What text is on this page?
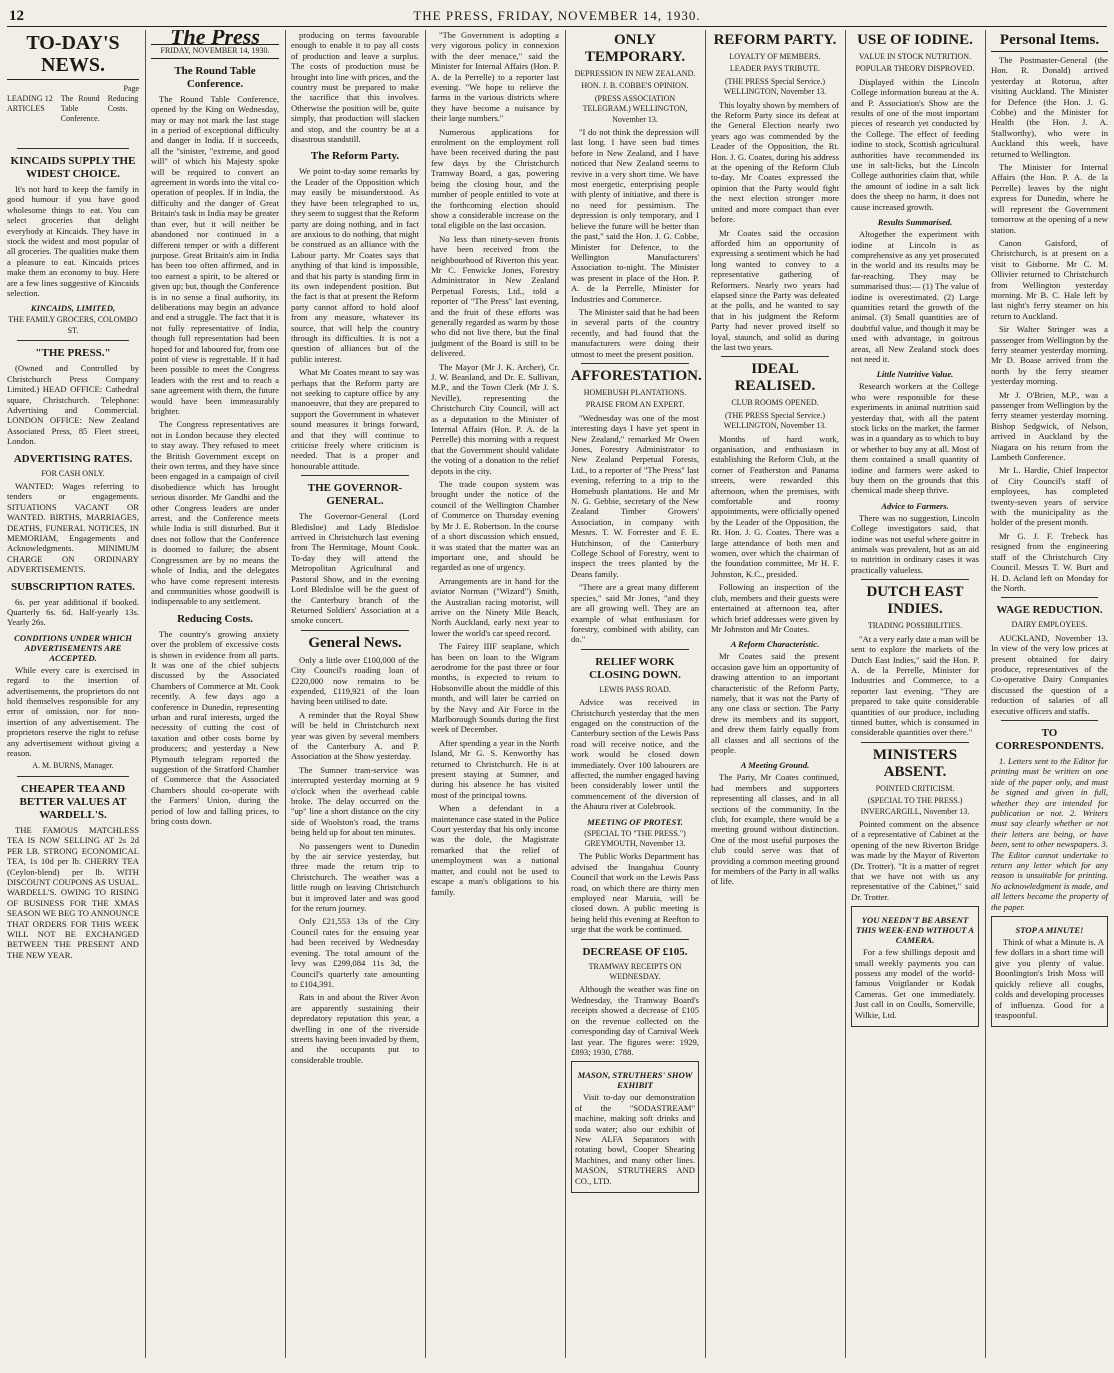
12	THE PRESS, FRIDAY, NOVEMBER 14, 1930.
TO-DAY'S NEWS.
Page
LEADING ARTICLES
12 The Round Table Conference.
Reducing Costs.
KINCAIDS SUPPLY THE WIDEST CHOICE.

It's not hard to keep the family in good humour if you have good wholesome things to eat. You can select groceries that delight everybody at Kincaids. They have in stock the widest and most popular of all groceries. The qualities make them a pleasure to eat. Kincaids prices make them an economy to buy. Here are a few lines suggestive of Kincaids selection.

KINCAIDS, LIMITED,
THE FAMILY GROCERS, COLOMBO ST.
"THE PRESS."

(Owned and Controlled by Christchurch Press Company Limited.) HEAD OFFICE: Cathedral square, Christchurch. Telephone: Advertising and Commercial. LONDON OFFICE: New Zealand Associated Press, 85 Fleet street, London.

ADVERTISING RATES.
FOR CASH ONLY.

WANTED: Wages referring to tenders or engagements. SITUATIONS VACANT OR WANTED. BIRTHS, MARRIAGES, DEATHS, FUNERAL NOTICES, IN MEMORIAM, Engagements and Acknowledgments. MINIMUM CHARGE ON ORDINARY ADVERTISEMENTS.

SUBSCRIPTION RATES.

6s. per year additional if booked. Quarterly 6s. 6d. Half-yearly 13s. Yearly 26s.

CONDITIONS UNDER WHICH ADVERTISEMENTS ARE ACCEPTED.

While every care is exercised in regard to the insertion of advertisements, the proprietors do not hold themselves responsible for any error of omission, nor for non-insertion of any advertisement. The proprietors reserve the right to refuse any advertisement without giving a reason.

A. M. BURNS, Manager.
CHEAPER TEA AND BETTER VALUES AT WARDELL'S.

THE FAMOUS MATCHLESS TEA IS NOW SELLING AT 2s 2d PER LB. STRONG ECONOMICAL TEA, 1s 10d per lb. CHERRY TEA (Ceylon-blend) per lb. WITH DISCOUNT COUPONS AS USUAL. WARDELL'S. OWING TO RISING OF BUSINESS FOR THE XMAS SEASON WE BEG TO ANNOUNCE THAT ORDERS FOR THIS WEEK WILL NOT BE EXCHANGED BETWEEN THE PRESENT AND THE NEW YEAR.

The Press
FRIDAY, NOVEMBER 14, 1930.
The Round Table Conference.

The Round Table Conference, opened by the King on Wednesday, may or may not mark the last stage in a period of exceptional difficulty and danger in India. If it succeeds, all the "sinister, "extreme, and good will" of which his Majesty spoke will be required to convert an agreement in words into the vital co-operation of peoples. If in India, the difficulty and the danger of Great Britain's task in India may be greater than ever, but it will neither be abandoned nor continued in a different temper or with a different purpose. Great Britain's aim in India has been too often affirmed, and in too earnest a spirit, to be altered or given up; but, though the Conference is in no sense a final authority, its deliberations may begin an advance and end a struggle. The fact that it is not fully representative of India, though full representation had been hoped for and laboured for, from one point of view is regrettable. If it had been possible to meet the Congress leaders with the rest and to reach a sane agreement with them, the future would have been immeasurably brighter.

The Congress representatives are not in London because they elected to stay away. They refused to meet the British Government except on their own terms, and they have since been engaged in a campaign of civil disobedience which has brought serious disorder. Mr Gandhi and the other Congress leaders are under arrest, and the Conference meets while India is still disturbed. But it does not follow that the Conference is doomed to failure; the absent Congressmen are by no means the whole of India, and the delegates who have come represent interests and communities whose goodwill is indispensable to any settlement.

Reducing Costs.

The country's growing anxiety over the problem of excessive costs is shown in evidence from all parts. It was one of the chief subjects discussed by the Associated Chambers of Commerce at Mt. Cook recently. A few days ago a conference in Dunedin, representing urban and rural interests, urged the necessity of cutting the cost of taxation and other costs borne by producers; and yesterday a New Plymouth telegram reported the suggestion of the Stratford Chamber of Commerce that the Associated Chambers should co-operate with the Farmers' Union, during the period of low and falling prices, to bring costs down.

producing on terms favourable enough to enable it to pay all costs of production and leave a surplus. The costs of production must be brought into line with prices, and the country must be prepared to make the sacrifice that this involves. Otherwise the position will be, quite simply, that production will slacken and stop, and the country be at a disastrous standstill.

The Reform Party.

We point to-day some remarks by the Leader of the Opposition which may easily be misunderstood. As they have been telegraphed to us, they seem to suggest that the Reform party are doing nothing, and in fact are anxious to do nothing, that might be construed as an alliance with the Labour party. Mr Coates says that anything of that kind is impossible, and that his party is standing firm in its own independent position. But the fact is that at present the Reform party cannot afford to hold aloof from any measure, whatever its source, that will help the country through its difficulties. It is not a question of alliances but of the public interest.

What Mr Coates meant to say was perhaps that the Reform party are not seeking to capture office by any manoeuvre, that they are prepared to support the Government in whatever sound measures it brings forward, and that they will continue to criticise freely where criticism is needed. That is a proper and honourable attitude.

THE GOVERNOR-GENERAL.

The Governor-General (Lord Bledisloe) and Lady Bledisloe arrived in Christchurch last evening from The Hermitage, Mount Cook. To-day they will attend the Metropolitan Agricultural and Pastoral Show, and in the evening Lord Bledisloe will be the guest of the Canterbury branch of the Returned Soldiers' Association at a smoke concert.

General News.

Only a little over £100,000 of the City Council's roading loan of £220,000 now remains to be expended, £119,921 of the loan having been utilised to date.

A reminder that the Royal Show will be held in Christchurch next year was given by several members of the Canterbury A. and P. Association at the Show yesterday.

The Sumner tram-service was interrupted yesterday morning at 9 o'clock when the overhead cable broke. The delay occurred on the "up" line a short distance on the city side of Woolston's road, the trams being held up for about ten minutes.

No passengers went to Dunedin by the air service yesterday, but three made the return trip to Christchurch. The weather was a little rough on leaving Christchurch but it improved later and was good for the return journey.

Only £21,553 13s of the City Council rates for the ensuing year had been received by Wednesday evening. The total amount of the levy was £299,084 11s 3d, the Council's quarterly rate amounting to £104,391.

Rats in and about the River Avon are apparently sustaining their depredatory reputation this year, a dwelling in one of the riverside streets having been invaded by them, and the occupants put to considerable trouble.

"The Government is adopting a very vigorous policy in connexion with the deer menace," said the Minister for Internal Affairs (Hon. P. A. de la Perrelle) to a reporter last evening. "We hope to relieve the farms in the various districts where they have become a nuisance by their large numbers."

Numerous applications for enrolment on the employment roll have been received during the past few days by the Christchurch Tramway Board, a gas, powering being the closing hour, and the number of people entitled to vote at the forthcoming election should show a considerable increase on the total eligible on the last occasion.

No less than ninety-seven fronts have been received from the neighbourhood of Riverton this year. Mr C. Fenwicke Jones, Forestry Administrator in New Zealand Perpetual Forests, Ltd., told a reporter of "The Press" last evening, and the fruit of these efforts was generally regarded as warm by those who did not live there, but the final judgment of the Board is still to be delivered.

The Mayor (Mr J. K. Archer), Cr. J. W. Beanland, and Dr. E. Sullivan, M.P., and the Town Clerk (Mr J. S. Neville), representing the Christchurch City Council, will act as a deputation to the Minister of Internal Affairs (Hon. P. A. de la Perrelle) this morning with a request that the Government should validate the voting of a donation to the relief depots in the city.

The trade coupon system was brought under the notice of the council of the Wellington Chamber of Commerce on Thursday evening by Mr J. E. Robertson. In the course of a short discussion which ensued, it was stated that the matter was an important one, and should be regarded as one of urgency.

Arrangements are in hand for the aviator Norman ("Wizard") Smith, the Australian racing motorist, will arrive on the Ninety Mile Beach, North Auckland, early next year to lower the world's car speed record.

The Fairey IIIF seaplane, which has been on loan to the Wigram aerodrome for the past three or four months, is expected to return to Hobsonville about the middle of this month, and will later be carried on by the Navy and Air Force in the Marlborough Sounds during the first week of December.

After spending a year in the North Island, Mr G. S. Kenworthy has returned to Christchurch. He is at present staying at Sumner, and during his absence he has visited most of the principal towns.

When a defendant in a maintenance case stated in the Police Court yesterday that his only income was the dole, the Magistrate remarked that the relief of unemployment was a national matter, and could not be used to escape a man's obligations to his family.

ONLY TEMPORARY.
DEPRESSION IN NEW ZEALAND.
HON. J. B. COBBE'S OPINION.
(PRESS ASSOCIATION TELEGRAM.) WELLINGTON, November 13.

"I do not think the depression will last long. I have seen bad times before in New Zealand, and I have noticed that New Zealand seems to revive in a very short time. We have most energetic, enterprising people with plenty of initiative, and there is no need for pessimism. The depression is only temporary, and I believe the future will be better than the past," said the Hon. J. G. Cobbe, Minister for Defence, to the Wellington Manufacturers' Association to-night. The Minister was present in place of the Hon. P. A. de la Perrelle, Minister for Industries and Commerce.

The Minister said that he had been in several parts of the country recently, and had found that the manufacturers were doing their utmost to meet the present position.

AFFORESTATION.
HOMEBUSH PLANTATIONS.
PRAISE FROM AN EXPERT.

"Wednesday was one of the most interesting days I have yet spent in New Zealand," remarked Mr Owen Jones, Forestry Administrator to New Zealand Perpetual Forests, Ltd., to a reporter of "The Press" last evening, referring to a trip to the Homebush plantations. He and Mr N. G. Gebbie, secretary of the New Zealand Timber Growers' Association, in company with Messrs. T. W. Forrester and F. E. Hutchinson, of the Canterbury College School of Forestry, went to inspect the trees planted by the Deans family.

"There are a great many different species," said Mr Jones, "and they are all growing well. They are an example of what enthusiasm for forestry, combined with ability, can do."

RELIEF WORK CLOSING DOWN.
LEWIS PASS ROAD.

Advice was received in Christchurch yesterday that the men engaged on the construction of the Canterbury section of the Lewis Pass road will receive notice, and the work would be closed down immediately. Over 100 labourers are affected, the number engaged having been considerably lower until the commencement of the diversion of the Ahaura river at Colebrook.

MEETING OF PROTEST.
(SPECIAL TO "THE PRESS.") GREYMOUTH, November 13.

The Public Works Department has advised the Inangahua County Council that work on the Lewis Pass road, on which there are thirty men employed near Maruia, will be closed down. A public meeting is being held this evening at Reefton to urge that the work be continued.

DECREASE OF £105.
TRAMWAY RECEIPTS ON WEDNESDAY.

Although the weather was fine on Wednesday, the Tramway Board's receipts showed a decrease of £105 on the revenue collected on the corresponding day of Carnival Week last year. The figures were: 1929, £893; 1930, £788.

MASON, STRUTHERS' SHOW EXHIBIT

Visit to-day our demonstration of the "SODASTREAM" machine, making soft drinks and soda water; also our exhibit of New ALFA Separators with rotating bowl, Cooper Shearing Machines, and many other lines. MASON, STRUTHERS AND CO., LTD.

REFORM PARTY.
LOYALTY OF MEMBERS.
LEADER PAYS TRIBUTE.
(THE PRESS Special Service.) WELLINGTON, November 13.

This loyalty shown by members of the Reform Party since its defeat at the General Election nearly two years ago was commended by the Leader of the Opposition, the Rt. Hon. J. G. Coates, during his address at the opening of the Reform Club to-day. Mr Coates expressed the opinion that the Party would fight the next election stronger more united and more compact than ever before.

Mr Coates said the occasion afforded him an opportunity of expressing a sentiment which he had long wanted to convey to a representative gathering of Reformers. Nearly two years had elapsed since the Party was defeated at the polls, and he wanted to say that in his judgment the Reform Party had never proved itself so loyal, staunch, and solid as during the last two years.

IDEAL REALISED.
CLUB ROOMS OPENED.
(THE PRESS Special Service.) WELLINGTON, November 13.

Months of hard work, organisation, and enthusiasm in establishing the Reform Club, at the corner of Featherston and Panama streets, were rewarded this afternoon, when the premises, with comfortable and roomy appointments, were officially opened by the Leader of the Opposition, the Rt. Hon. J. G. Coates. There was a large attendance of both men and women, over which the chairman of the foundation committee, Mr H. F. Johnston, K.C., presided.

Following an inspection of the club, members and their guests were entertained at afternoon tea, after which brief addresses were given by Mr Johnston and Mr Coates.

A Reform Characteristic.

Mr Coates said the present occasion gave him an opportunity of drawing attention to an important characteristic of the Reform Party, namely, that it was not the Party of any one class or section. The Party drew its members and its support, and drew them fairly equally from all classes and all sections of the people.

A Meeting Ground.

The Party, Mr Coates continued, had members and supporters representing all classes, and in all sections of the community. In the club, for example, there would be a meeting ground without distinction. One of the most useful purposes the club could serve was that of providing a common meeting ground for members of the Party in all walks of life.

USE OF IODINE.
VALUE IN STOCK NUTRITION.
POPULAR THEORY DISPROVED.

Displayed within the Lincoln College information bureau at the A. and P. Association's Show are the results of one of the most important pieces of research yet conducted by the College. The effect of feeding iodine to stock, Scottish agricultural authorities have recommended its use in salt-licks, but the Lincoln College authorities claim that, while the amount of iodine in a salt lick does the sheep no harm, it does not cause increased growth.

Results Summarised.

Altogether the experiment with iodine at Lincoln is as comprehensive as any yet prosecuted in the world and its results may be far-reaching. They may be summarised thus:— (1) The value of iodine is overestimated. (2) Large quantities retard the growth of the animal. (3) Small quantities are of doubtful value, and though it may be used with advantage, in goitrous areas, all New Zealand stock does not need it.

Little Nutritive Value.

Research workers at the College who were responsible for these experiments in animal nutrition said yesterday that, with all the patent stock licks on the market, the farmer was in a quandary as to which to buy or whether to buy any at all. Most of them contained a small quantity of iodine and farmers were asked to buy them on the grounds that this chemical made sheep thrive.

Advice to Farmers.

There was no suggestion, Lincoln College investigators said, that iodine was not useful where goitre in animals was prevalent, but as an aid to nutrition in ordinary cases it was practically valueless.

DUTCH EAST INDIES.
TRADING POSSIBILITIES.

"At a very early date a man will be sent to explore the markets of the Dutch East Indies," said the Hon. P. A. de la Perrelle, Minister for Industries and Commerce, to a reporter last evening. "They are prepared to take quite considerable quantities of our produce, including tinned butter, which is consumed in considerable quantities over there."

MINISTERS ABSENT.
POINTED CRITICISM.
(SPECIAL TO THE PRESS.) INVERCARGILL, November 13.

Pointed comment on the absence of a representative of Cabinet at the opening of the new Riverton Bridge was made by the Mayor of Riverton (Dr. Trotter). "It is a matter of regret that we have not with us any representative of the Cabinet," said Dr. Trotter.

YOU NEEDN'T BE ABSENT THIS WEEK-END WITHOUT A CAMERA.

For a few shillings deposit and small weekly payments you can possess any model of the world-famous Voigtlander or Kodak Cameras. Get one immediately. Just call in on Coulls, Somerville, Wilkie, Ltd.

Personal Items.

The Postmaster-General (the Hon. R. Donald) arrived yesterday at Rotorua, after visiting Auckland. The Minister for Defence (the Hon. J. G. Cobbe) and the Minister for Health (the Hon. J. A. Stallworthy), who were in Auckland this week, have returned to Wellington.

The Minister for Internal Affairs (the Hon. P. A. de la Perrelle) leaves by the night express for Dunedin, where he will represent the Government tomorrow at the opening of a new station.

Canon Gaisford, of Christchurch, is at present on a visit to Gisborne. Mr C. M. Ollivier returned to Christchurch from Wellington yesterday morning. Mr B. C. Hale left by last night's ferry steamer on his return to Auckland.

Sir Walter Stringer was a passenger from Wellington by the ferry steamer yesterday morning. Mr D. Boase arrived from the north by the ferry steamer yesterday morning.

Mr J. O'Brien, M.P., was a passenger from Wellington by the ferry steamer yesterday morning. Bishop Sedgwick, of Nelson, arrived in Auckland by the Niagara on his return from the Lambeth Conference.

Mr L. Hardie, Chief Inspector of City Council's staff of employees, has completed twenty-seven years of service with the municipality as the holder of the present month.

Mr G. J. F. Trebeck has resigned from the engineering staff of the Christchurch City Council. Messrs T. W. Burt and H. D. Acland left on Monday for the North.

WAGE REDUCTION.
DAIRY EMPLOYEES.

AUCKLAND, November 13. In view of the very low prices at present obtained for dairy produce, representatives of the Co-operative Dairy Companies discussed the question of a reduction of salaries of all executive officers and staffs.

TO CORRESPONDENTS.

1. Letters sent to the Editor for printing must be written on one side of the paper only, and must be signed and given in full, whether they are intended for publication or not. 2. Writers must say clearly whether or not their letters are being, or have been, sent to other newspapers. 3. The Editor cannot undertake to return any letter which for any reason is unsuitable for printing. No acknowledgment is made, and all letters become the property of the paper.

STOP A MINUTE!

Think of what a Minute is. A few dollars in a short time will give you plenty of value. Boonlington's Irish Moss will quickly relieve all coughs, colds and developing processes of influenza. Good for a teaspoonful.
